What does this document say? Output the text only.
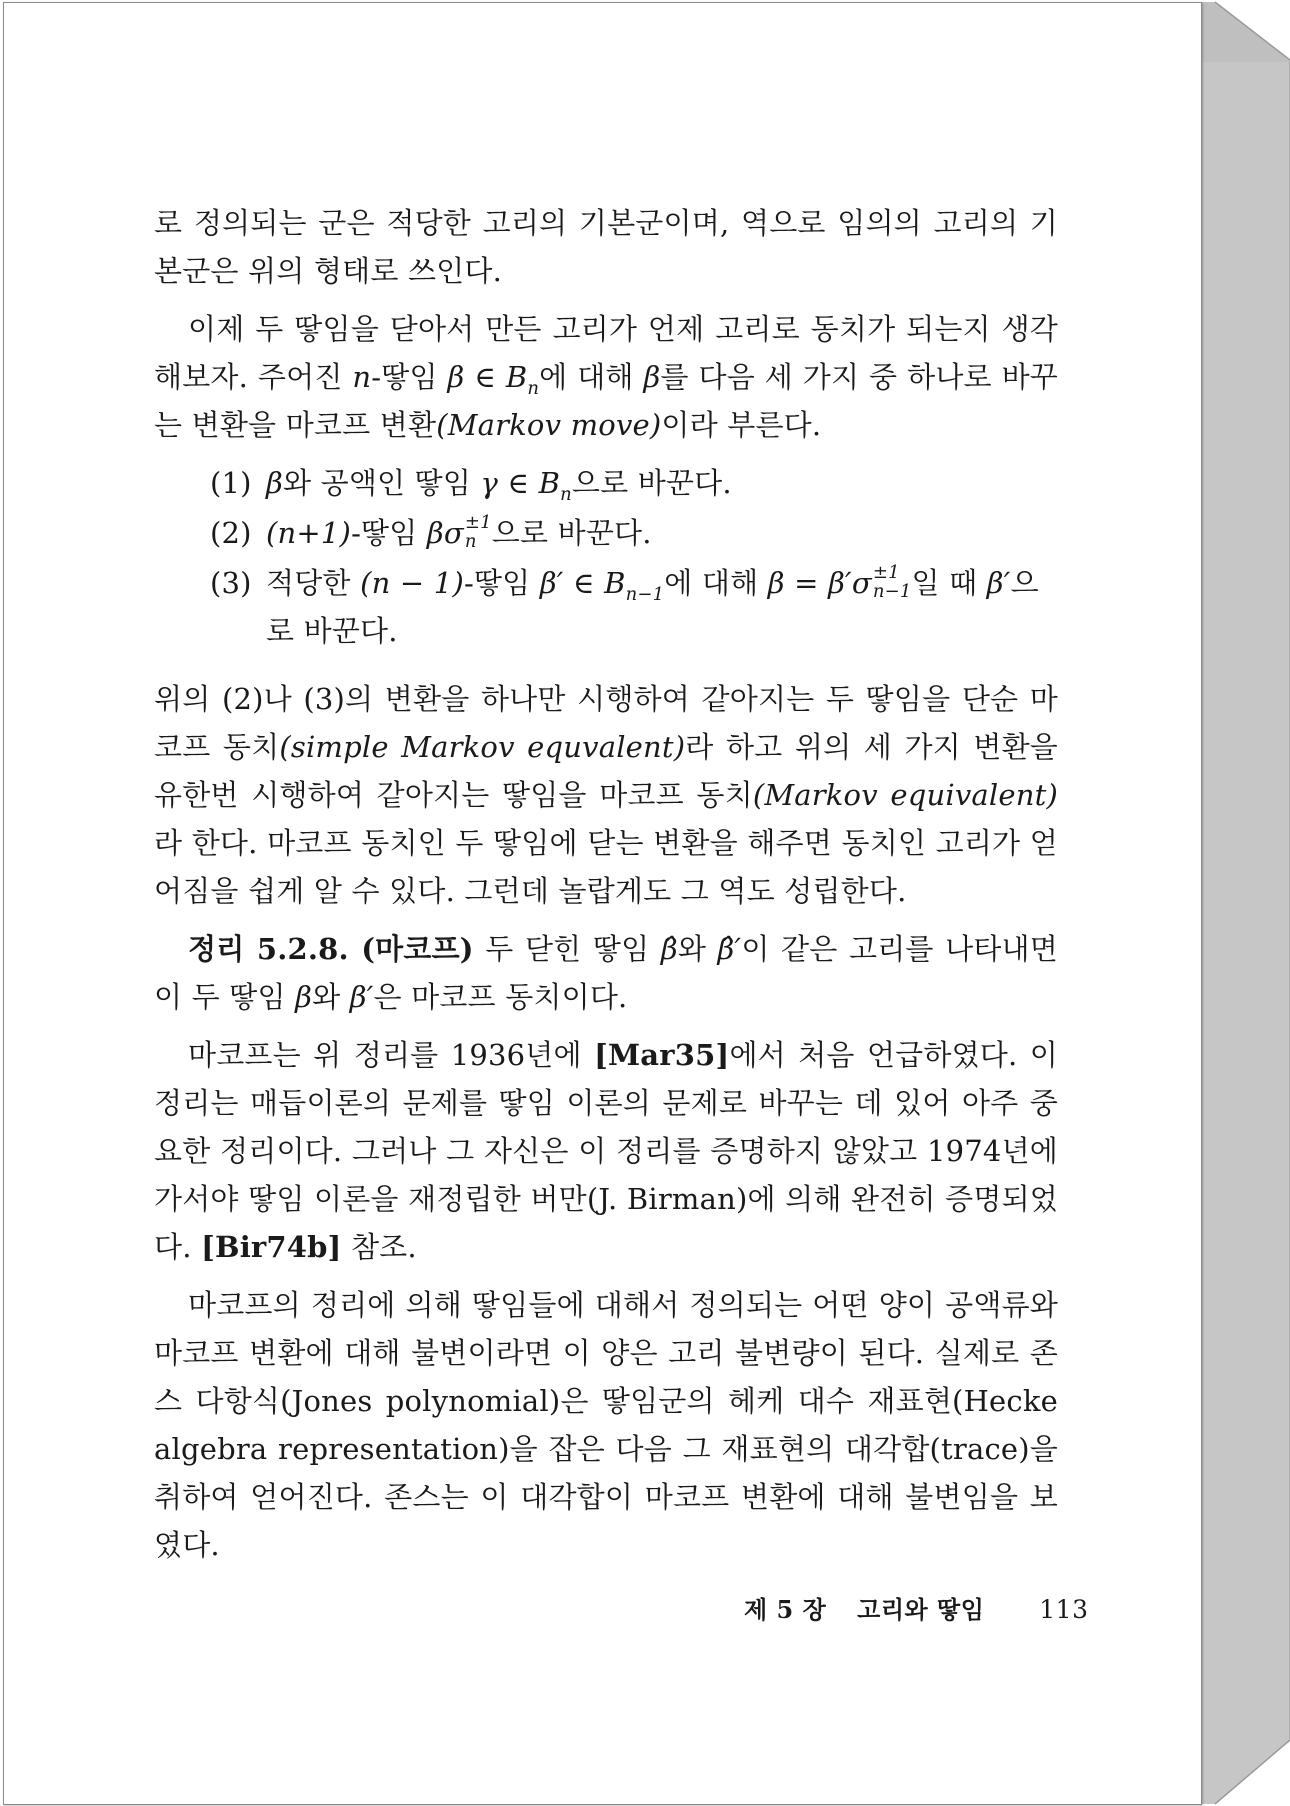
로 정의되는 군은 적당한 고리의 기본군이며, 역으로 임의의 고리의 기본군은 위의 형태로 쓰인다.

이제 두 땋임을 닫아서 만든 고리가 언제 고리로 동치가 되는지 생각해보자. 주어진 n-땋임 β ∈ $B_n$에 대해 β를 다음 세 가지 중 하나로 바꾸는 변환을 마코프 변환(Markov move)이라 부른다.

(1) β와 공액인 땋임 γ ∈ $B_n$으로 바꾼다.
(2) (n+1)-땋임 βσ ±1
n 으로 바꾼다.
(3) 적당한 (n − 1)-땋임 β′ ∈ $B_{n-1}$에 대해 β = β′σ ±1
n−1 일 때 β′으로 바꾼다.

위의 (2)나 (3)의 변환을 하나만 시행하여 같아지는 두 땋임을 단순 마코프 동치(simple Markov equvalent)라 하고 위의 세 가지 변환을 유한번 시행하여 같아지는 땋임을 마코프 동치(Markov equivalent)라 한다. 마코프 동치인 두 땋임에 닫는 변환을 해주면 동치인 고리가 얻어짐을 쉽게 알 수 있다. 그런데 놀랍게도 그 역도 성립한다.

정리 5.2.8. (마코프) 두 닫힌 땋임 β̂와 β̂′이 같은 고리를 나타내면 이 두 땋임 β와 β′은 마코프 동치이다.

마코프는 위 정리를 1936년에 [Mar35]에서 처음 언급하였다. 이 정리는 매듭이론의 문제를 땋임 이론의 문제로 바꾸는 데 있어 아주 중요한 정리이다. 그러나 그 자신은 이 정리를 증명하지 않았고 1974년에 가서야 땋임 이론을 재정립한 버만(J. Birman)에 의해 완전히 증명되었다. [Bir74b] 참조.

마코프의 정리에 의해 땋임들에 대해서 정의되는 어떤 양이 공액류와 마코프 변환에 대해 불변이라면 이 양은 고리 불변량이 된다. 실제로 존스 다항식(Jones polynomial)은 땋임군의 헤케 대수 재표현(Hecke algebra representation)을 잡은 다음 그 재표현의 대각합(trace)을 취하여 얻어진다. 존스는 이 대각합이 마코프 변환에 대해 불변임을 보였다.

제 5 장 고리와 땋임 113
